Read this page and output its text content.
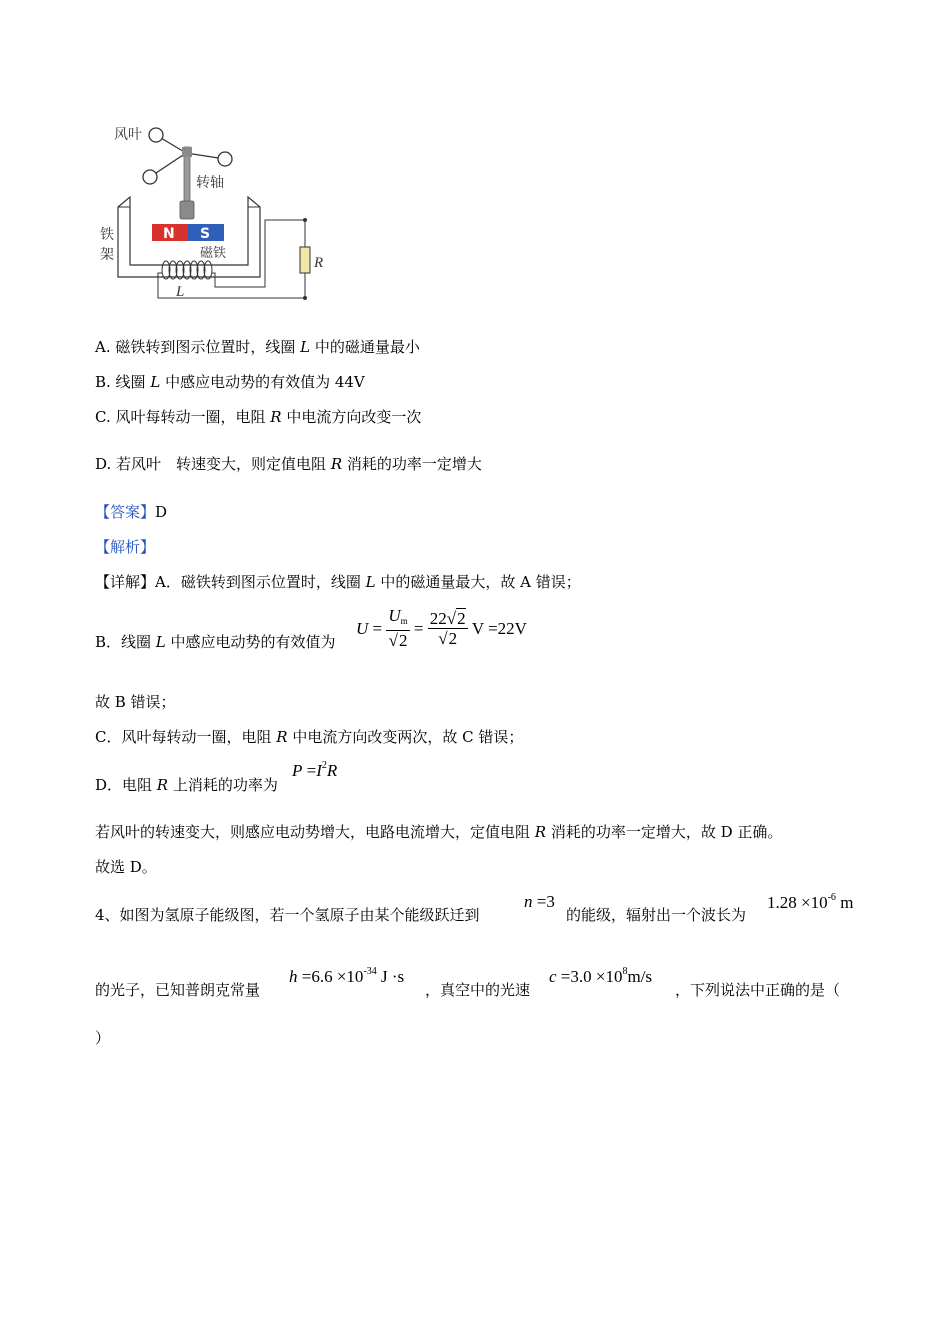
N S
风叶
转轴
铁
架	磁铁
R
L
A. 磁铁转到图示位置时，线圈 L 中的磁通量最小
B. 线圈 L 中感应电动势的有效值为 44V
C. 风叶每转动一圈，电阻 R 中电流方向改变一次
D. 若风叶　转速变大，则定值电阻 R 消耗的功率一定增大
【答案】D
【解析】
【详解】A．磁铁转到图示位置时，线圈 L 中的磁通量最大，故 A 错误；
B．线圈 L 中感应电动势的有效值为
$U = \frac{U_m}{√2} = \frac{22√2}{√2}$ V =22V
故 B 错误；
C．风叶每转动一圈，电阻 R 中电流方向改变两次，故 C 错误；
D．电阻 R 上消耗的功率为
$P =I^2R$
若风叶的转速变大，则感应电动势增大，电路电流增大，定值电阻 R 消耗的功率一定增大，故 D 正确。
故选 D。
4、如图为氢原子能级图，若一个氢原子由某个能级跃迁到
n =3
的能级，辐射出一个波长为
$1.28 \times 10^{-6}$ m
的光子，已知普朗克常量
$h =6.6 \times 10^{-34}$ J ·s
，真空中的光速
$c =3.0 \times 10^8m/s$
，下列说法中正确的是（
）
